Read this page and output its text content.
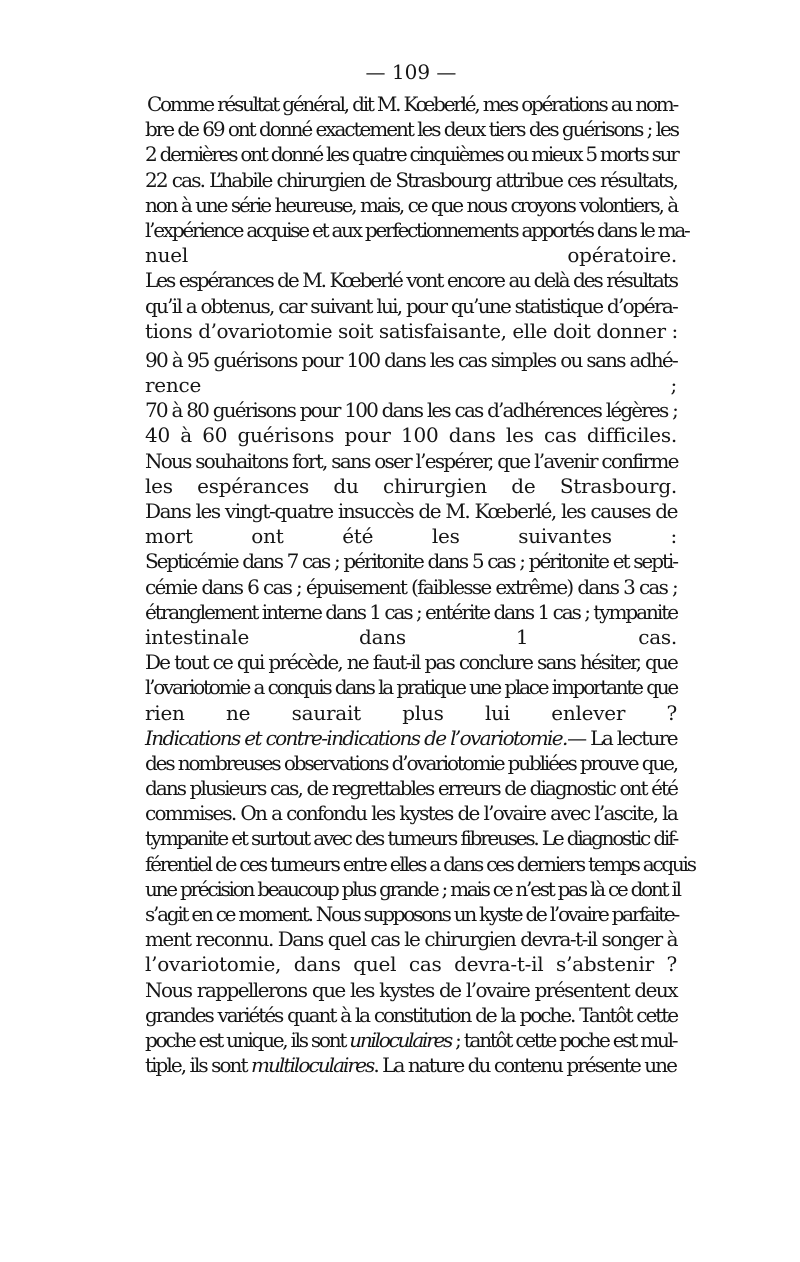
— 109 —
Comme résultat général, dit M. Kœberlé, mes opérations au nom-
bre de 69 ont donné exactement les deux tiers des guérisons ; les
2 dernières ont donné les quatre cinquièmes ou mieux 5 morts sur
22 cas. L’habile chirurgien de Strasbourg attribue ces résultats,
non à une série heureuse, mais, ce que nous croyons volontiers, à
l’expérience acquise et aux perfectionnements apportés dans le ma-
nuel opératoire.
Les espérances de M. Kœberlé vont encore au delà des résultats
qu’il a obtenus, car suivant lui, pour qu’une statistique d’opéra-
tions d’ovariotomie soit satisfaisante, elle doit donner :
90 à 95 guérisons pour 100 dans les cas simples ou sans adhé-
rence ;
70 à 80 guérisons pour 100 dans les cas d’adhérences légères ;
40 à 60 guérisons pour 100 dans les cas difficiles.
Nous souhaitons fort, sans oser l’espérer, que l’avenir confirme
les espérances du chirurgien de Strasbourg.
Dans les vingt-quatre insuccès de M. Kœberlé, les causes de
mort ont été les suivantes :
Septicémie dans 7 cas ; péritonite dans 5 cas ; péritonite et septi-
cémie dans 6 cas ; épuisement (faiblesse extrême) dans 3 cas ;
étranglement interne dans 1 cas ; entérite dans 1 cas ; tympanite
intestinale dans 1 cas.
De tout ce qui précède, ne faut-il pas conclure sans hésiter, que
l’ovariotomie a conquis dans la pratique une place importante que
rien ne saurait plus lui enlever ?
Indications et contre-indications de l’ovariotomie. — La lecture
des nombreuses observations d’ovariotomie publiées prouve que,
dans plusieurs cas, de regrettables erreurs de diagnostic ont été
commises. On a confondu les kystes de l’ovaire avec l’ascite, la
tympanite et surtout avec des tumeurs fibreuses. Le diagnostic dif-
férentiel de ces tumeurs entre elles a dans ces derniers temps acquis
une précision beaucoup plus grande ; mais ce n’est pas là ce dont il
s’agit en ce moment. Nous supposons un kyste de l’ovaire parfaite-
ment reconnu. Dans quel cas le chirurgien devra-t-il songer à
l’ovariotomie, dans quel cas devra-t-il s’abstenir ?
Nous rappellerons que les kystes de l’ovaire présentent deux
grandes variétés quant à la constitution de la poche. Tantôt cette
poche est unique, ils sont uniloculaires ; tantôt cette poche est mul-
tiple, ils sont multiloculaires. La nature du contenu présente une
